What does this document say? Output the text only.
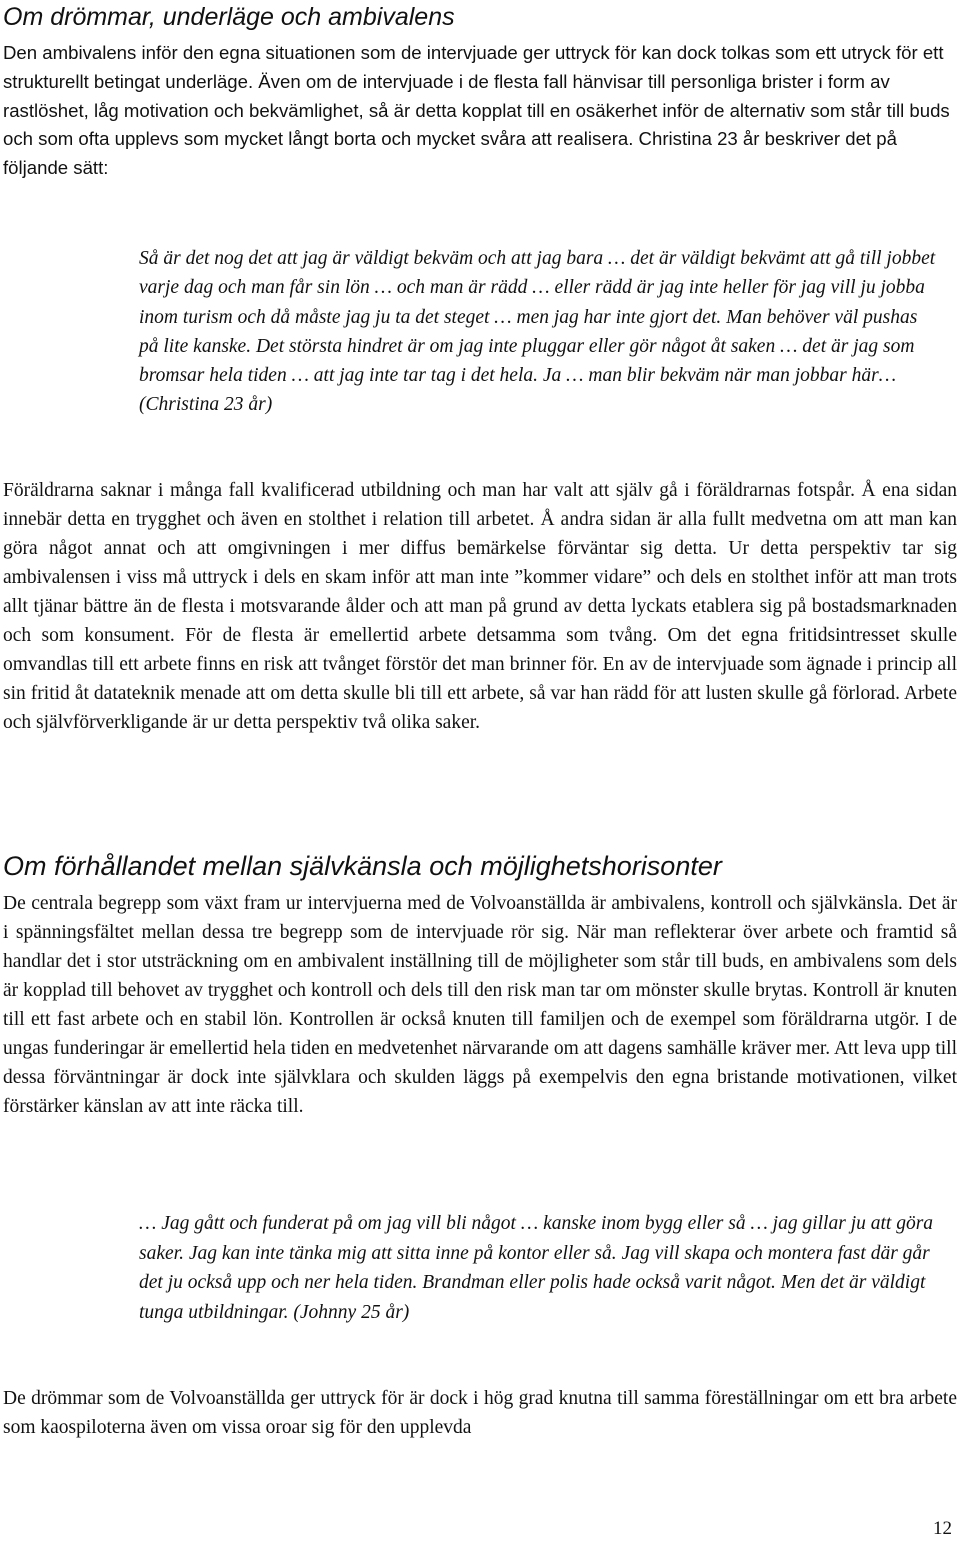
Om drömmar, underläge och ambivalens

Den ambivalens inför den egna situationen som de intervjuade ger uttryck för kan dock tolkas som ett utryck för ett strukturellt betingat underläge. Även om de intervjuade i de flesta fall hänvisar till personliga brister i form av rastlöshet, låg motivation och bekvämlighet, så är detta kopplat till en osäkerhet inför de alternativ som står till buds och som ofta upplevs som mycket långt borta och mycket svåra att realisera. Christina 23 år beskriver det på följande sätt:

Så är det nog det att jag är väldigt bekväm och att jag bara … det är väldigt bekvämt att gå till jobbet varje dag och man får sin lön … och man är rädd … eller rädd är jag inte heller för jag vill ju jobba inom turism och då måste jag ju ta det steget … men jag har inte gjort det. Man behöver väl pushas på lite kanske. Det största hindret är om jag inte pluggar eller gör något åt saken … det är jag som bromsar hela tiden … att jag inte tar tag i det hela. Ja … man blir bekväm när man jobbar här…(Christina 23 år)

Föräldrarna saknar i många fall kvalificerad utbildning och man har valt att själv gå i föräldrarnas fotspår. Å ena sidan innebär detta en trygghet och även en stolthet i relation till arbetet. Å andra sidan är alla fullt medvetna om att man kan göra något annat och att omgivningen i mer diffus bemärkelse förväntar sig detta. Ur detta perspektiv tar sig ambivalensen i viss må uttryck i dels en skam inför att man inte ”kommer vidare” och dels en stolthet inför att man trots allt tjänar bättre än de flesta i motsvarande ålder och att man på grund av detta lyckats etablera sig på bostadsmarknaden och som konsument. För de flesta är emellertid arbete detsamma som tvång. Om det egna fritidsintresset skulle omvandlas till ett arbete finns en risk att tvånget förstör det man brinner för. En av de intervjuade som ägnade i princip all sin fritid åt datateknik menade att om detta skulle bli till ett arbete, så var han rädd för att lusten skulle gå förlorad. Arbete och självförverkligande är ur detta perspektiv två olika saker.

Om förhållandet mellan självkänsla och möjlighetshorisonter

De centrala begrepp som växt fram ur intervjuerna med de Volvoanställda är ambivalens, kontroll och självkänsla. Det är i spänningsfältet mellan dessa tre begrepp som de intervjuade rör sig. När man reflekterar över arbete och framtid så handlar det i stor utsträckning om en ambivalent inställning till de möjligheter som står till buds, en ambivalens som dels är kopplad till behovet av trygghet och kontroll och dels till den risk man tar om mönster skulle brytas. Kontroll är knuten till ett fast arbete och en stabil lön. Kontrollen är också knuten till familjen och de exempel som föräldrarna utgör. I de ungas funderingar är emellertid hela tiden en medvetenhet närvarande om att dagens samhälle kräver mer. Att leva upp till dessa förväntningar är dock inte självklara och skulden läggs på exempelvis den egna bristande motivationen, vilket förstärker känslan av att inte räcka till.

… Jag gått och funderat på om jag vill bli något … kanske inom bygg eller så … jag gillar ju att göra saker. Jag kan inte tänka mig att sitta inne på kontor eller så. Jag vill skapa och montera fast där går det ju också upp och ner hela tiden. Brandman eller polis hade också varit något. Men det är väldigt tunga utbildningar. (Johnny 25 år)

De drömmar som de Volvoanställda ger uttryck för är dock i hög grad knutna till samma föreställningar om ett bra arbete som kaospiloterna även om vissa oroar sig för den upplevda

12
